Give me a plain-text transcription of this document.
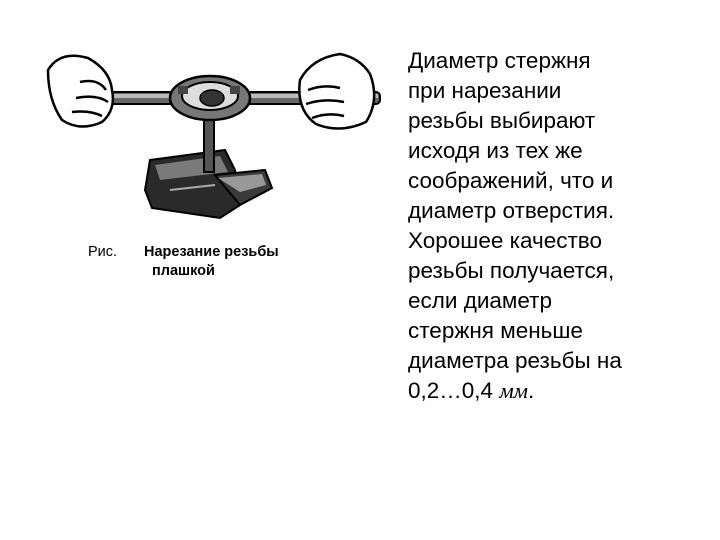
Рис. Нарезание резьбы
плашкой
Диаметр стержня
при нарезании
резьбы выбирают
исходя из тех же
соображений, что и
диаметр отверстия.
Хорошее качество
резьбы получается,
если диаметр
стержня меньше
диаметра резьбы на
0,2…0,4 мм.
